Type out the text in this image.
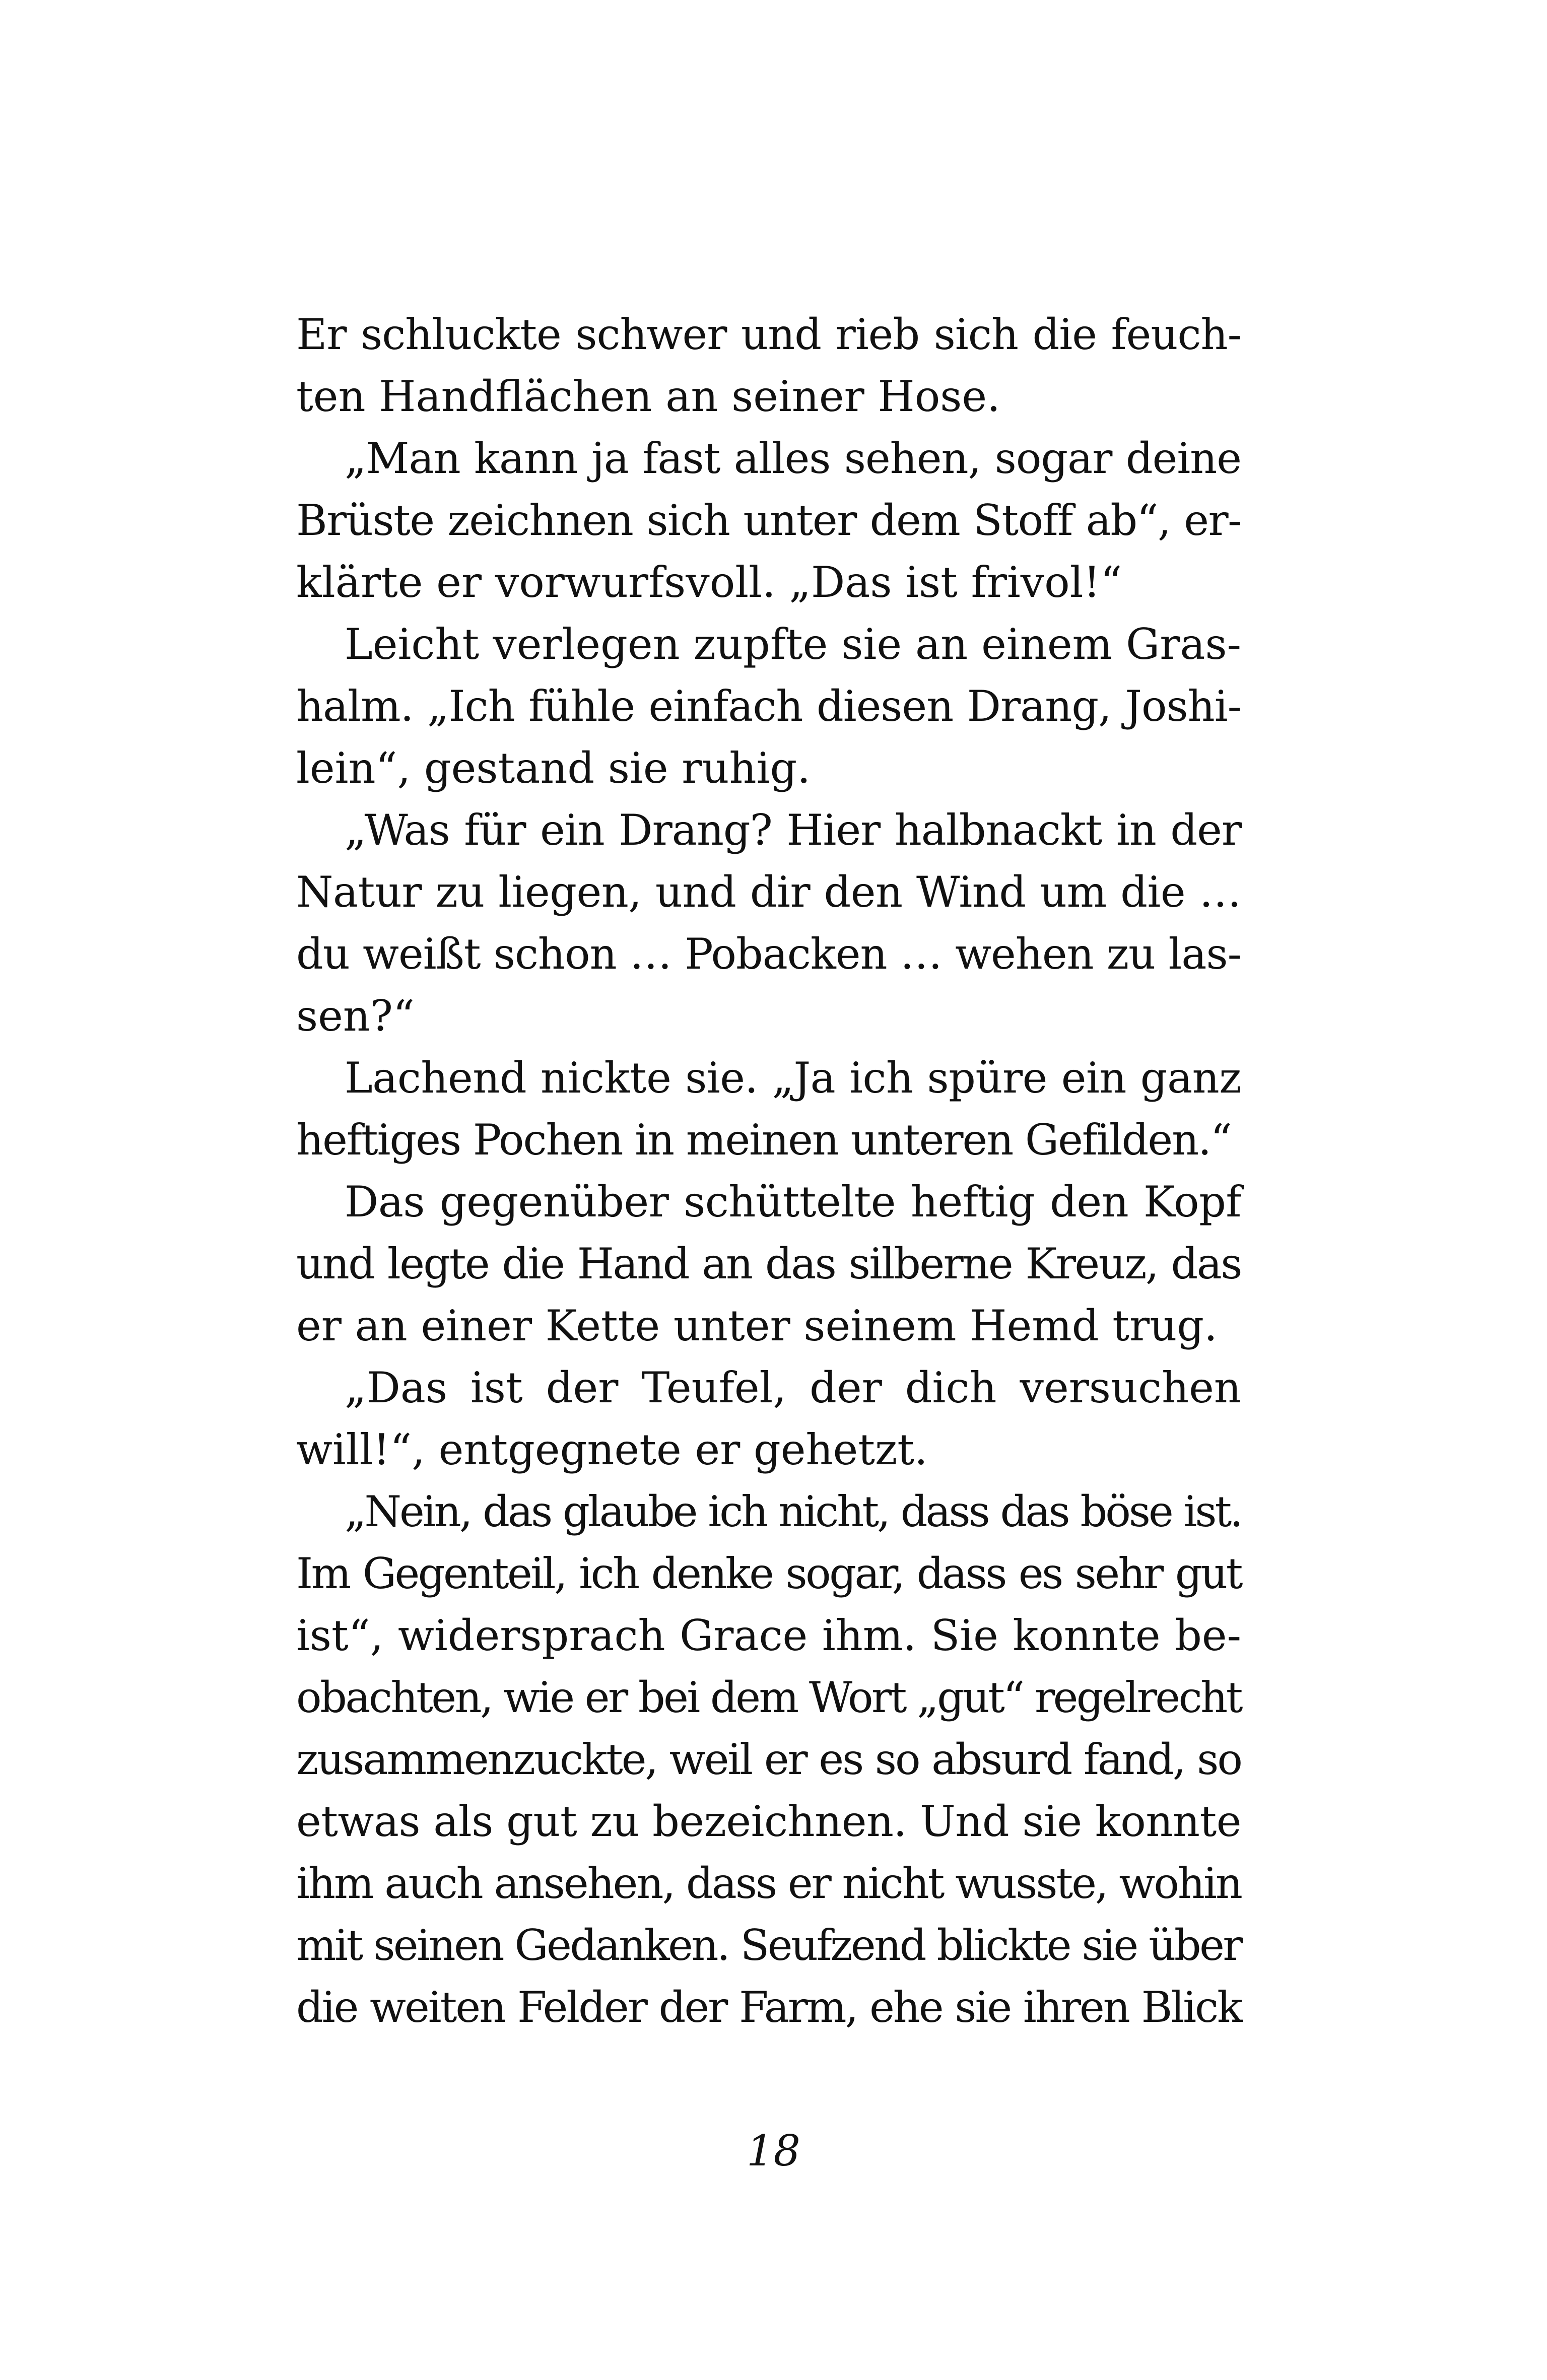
Er schluckte schwer und rieb sich die feuch-
ten Handflächen an seiner Hose.
„Man kann ja fast alles sehen, sogar deine
Brüste zeichnen sich unter dem Stoff ab“, er-
klärte er vorwurfsvoll. „Das ist frivol!“
Leicht verlegen zupfte sie an einem Gras-
halm. „Ich fühle einfach diesen Drang, Joshi-
lein“, gestand sie ruhig.
„Was für ein Drang? Hier halbnackt in der
Natur zu liegen, und dir den Wind um die …
du weißt schon … Pobacken … wehen zu las-
sen?“
Lachend nickte sie. „Ja ich spüre ein ganz
heftiges Pochen in meinen unteren Gefilden.“
Das gegenüber schüttelte heftig den Kopf
und legte die Hand an das silberne Kreuz, das
er an einer Kette unter seinem Hemd trug.
„Das ist der Teufel, der dich versuchen
will!“, entgegnete er gehetzt.
„Nein, das glaube ich nicht, dass das böse ist.
Im Gegenteil, ich denke sogar, dass es sehr gut
ist“, widersprach Grace ihm. Sie konnte be-
obachten, wie er bei dem Wort „gut“ regelrecht
zusammenzuckte, weil er es so absurd fand, so
etwas als gut zu bezeichnen. Und sie konnte
ihm auch ansehen, dass er nicht wusste, wohin
mit seinen Gedanken. Seufzend blickte sie über
die weiten Felder der Farm, ehe sie ihren Blick
18
